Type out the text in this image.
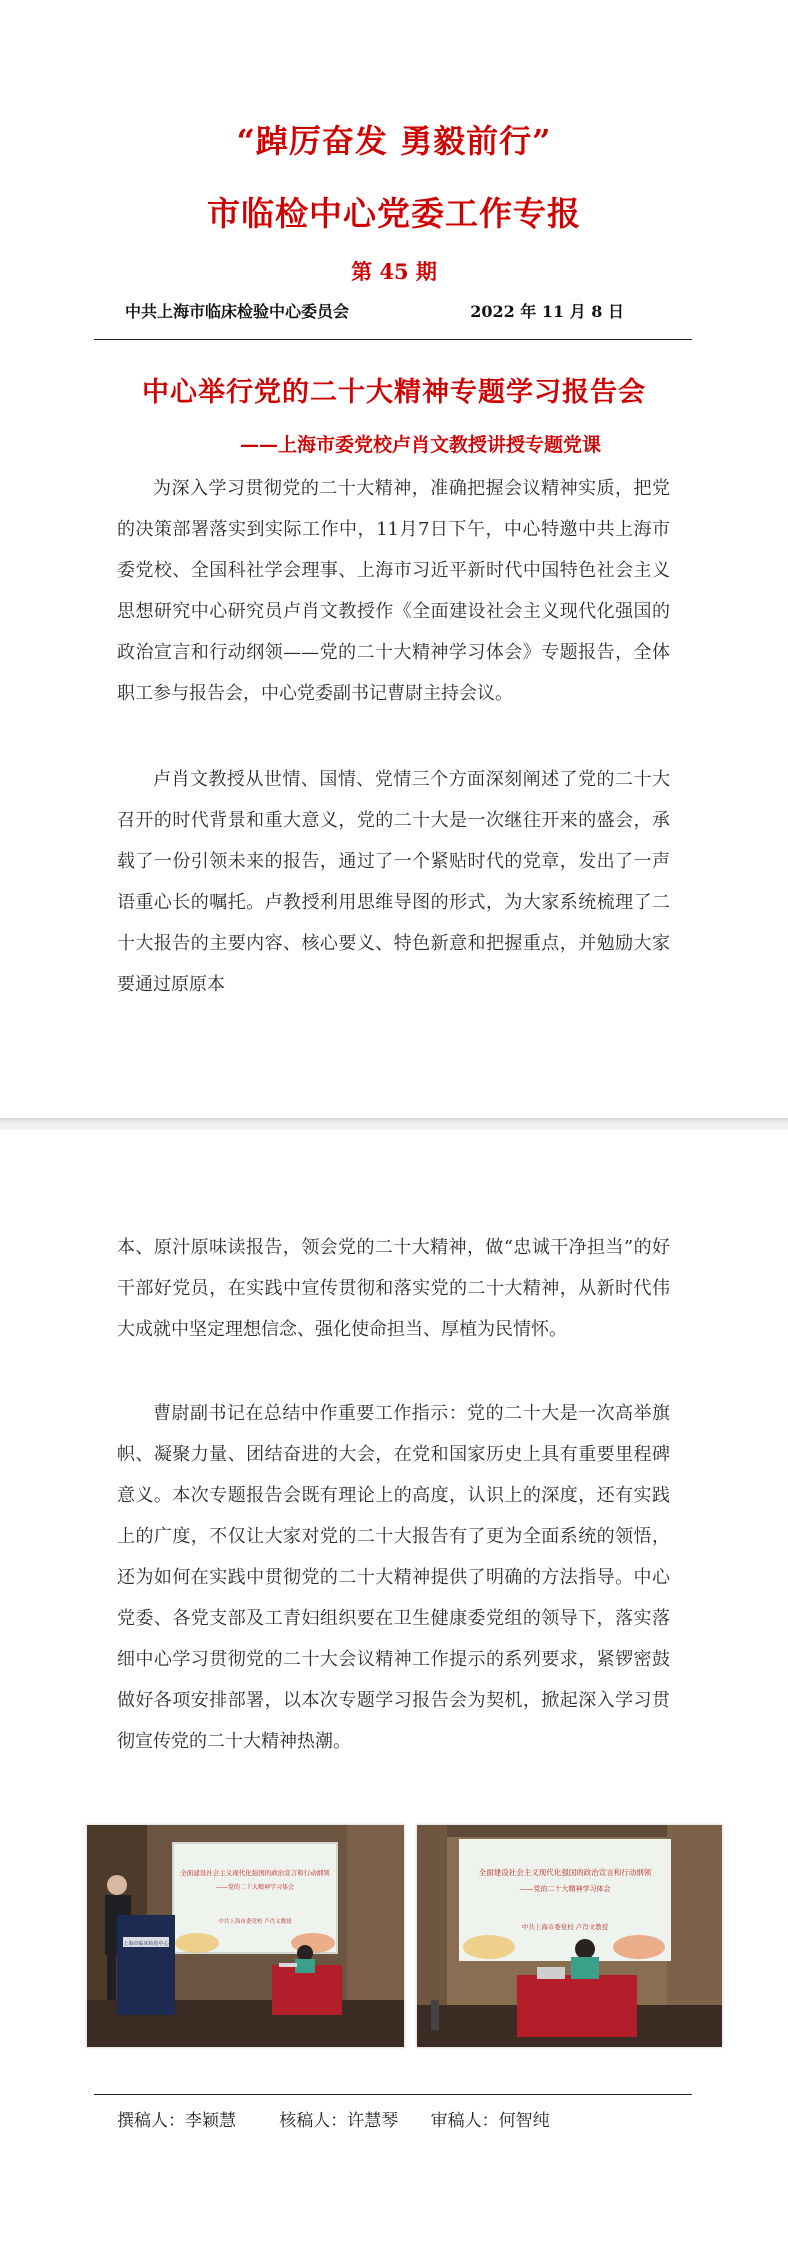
“踔厉奋发 勇毅前行”
市临检中心党委工作专报
第 45 期
中共上海市临床检验中心委员会	2022 年 11 月 8 日
中心举行党的二十大精神专题学习报告会
——上海市委党校卢肖文教授讲授专题党课

为深入学习贯彻党的二十大精神，准确把握会议精神实质，把党的决策部署落实到实际工作中，11月7日下午，中心特邀中共上海市委党校、全国科社学会理事、上海市习近平新时代中国特色社会主义思想研究中心研究员卢肖文教授作《全面建设社会主义现代化强国的政治宣言和行动纲领——党的二十大精神学习体会》专题报告，全体职工参与报告会，中心党委副书记曹尉主持会议。

卢肖文教授从世情、国情、党情三个方面深刻阐述了党的二十大召开的时代背景和重大意义，党的二十大是一次继往开来的盛会，承载了一份引领未来的报告，通过了一个紧贴时代的党章，发出了一声语重心长的嘱托。卢教授利用思维导图的形式，为大家系统梳理了二十大报告的主要内容、核心要义、特色新意和把握重点，并勉励大家要通过原原本

本、原汁原味读报告，领会党的二十大精神，做“忠诚干净担当”的好干部好党员，在实践中宣传贯彻和落实党的二十大精神，从新时代伟大成就中坚定理想信念、强化使命担当、厚植为民情怀。

曹尉副书记在总结中作重要工作指示：党的二十大是一次高举旗帜、凝聚力量、团结奋进的大会，在党和国家历史上具有重要里程碑意义。本次专题报告会既有理论上的高度，认识上的深度，还有实践上的广度，不仅让大家对党的二十大报告有了更为全面系统的领悟，还为如何在实践中贯彻党的二十大精神提供了明确的方法指导。中心党委、各党支部及工青妇组织要在卫生健康委党组的领导下，落实落细中心学习贯彻党的二十大会议精神工作提示的系列要求，紧锣密鼓做好各项安排部署，以本次专题学习报告会为契机，掀起深入学习贯彻宣传党的二十大精神热潮。

全面建设社会主义现代化强国的政治宣言和行动纲领
——党的二十大精神学习体会
中共上海市委党校 卢肖文教授
上海市临床检验中心
全面建设社会主义现代化强国的政治宣言和行动纲领
——党的二十大精神学习体会
中共上海市委党校 卢肖文教授
撰稿人：李颖慧	核稿人：许慧琴 审稿人：何智纯
